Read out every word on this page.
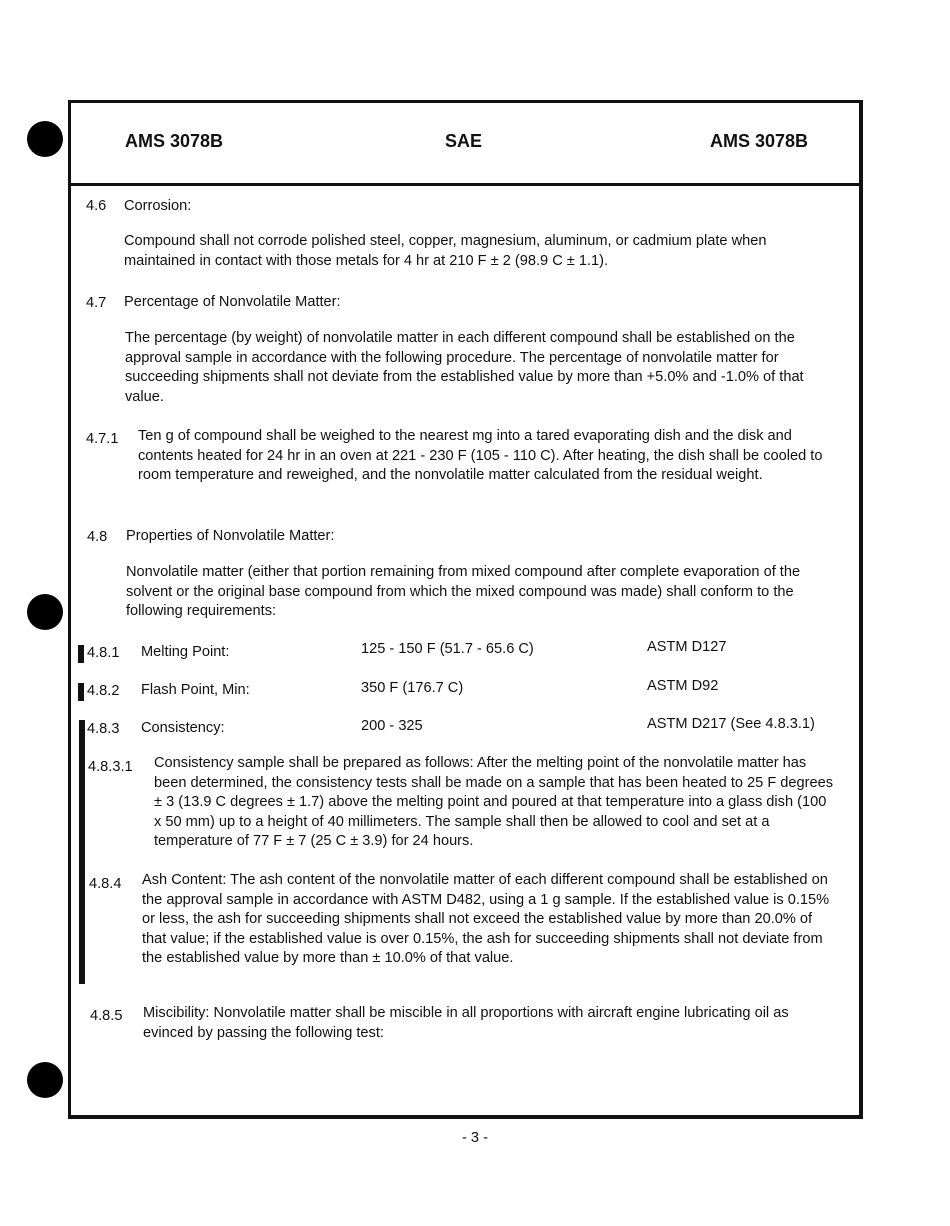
AMS 3078B	SAE	AMS 3078B
4.6 Corrosion:
Compound shall not corrode polished steel, copper, magnesium, aluminum, or cadmium plate when maintained in contact with those metals for 4 hr at 210 F ± 2 (98.9 C ± 1.1).
4.7 Percentage of Nonvolatile Matter:
The percentage (by weight) of nonvolatile matter in each different compound shall be established on the approval sample in accordance with the following procedure. The percentage of nonvolatile matter for succeeding shipments shall not deviate from the established value by more than +5.0% and -1.0% of that value.
4.7.1 Ten g of compound shall be weighed to the nearest mg into a tared evaporating dish and the disk and contents heated for 24 hr in an oven at 221 - 230 F (105 - 110 C). After heating, the dish shall be cooled to room temperature and reweighed, and the nonvolatile matter calculated from the residual weight.
4.8 Properties of Nonvolatile Matter:
Nonvolatile matter (either that portion remaining from mixed compound after complete evaporation of the solvent or the original base compound from which the mixed compound was made) shall conform to the following requirements:
4.8.1 Melting Point:	125 - 150 F (51.7 - 65.6 C)	ASTM D127
4.8.2 Flash Point, Min:	350 F (176.7 C)	ASTM D92
4.8.3 Consistency:	200 - 325	ASTM D217 (See 4.8.3.1)
4.8.3.1 Consistency sample shall be prepared as follows: After the melting point of the nonvolatile matter has been determined, the consistency tests shall be made on a sample that has been heated to 25 F degrees ± 3 (13.9 C degrees ± 1.7) above the melting point and poured at that temperature into a glass dish (100 x 50 mm) up to a height of 40 millimeters. The sample shall then be allowed to cool and set at a temperature of 77 F ± 7 (25 C ± 3.9) for 24 hours.
4.8.4 Ash Content: The ash content of the nonvolatile matter of each different compound shall be established on the approval sample in accordance with ASTM D482, using a 1 g sample. If the established value is 0.15% or less, the ash for succeeding shipments shall not exceed the established value by more than 20.0% of that value; if the established value is over 0.15%, the ash for succeeding shipments shall not deviate from the established value by more than ± 10.0% of that value.
4.8.5 Miscibility: Nonvolatile matter shall be miscible in all proportions with aircraft engine lubricating oil as evinced by passing the following test:
- 3 -
